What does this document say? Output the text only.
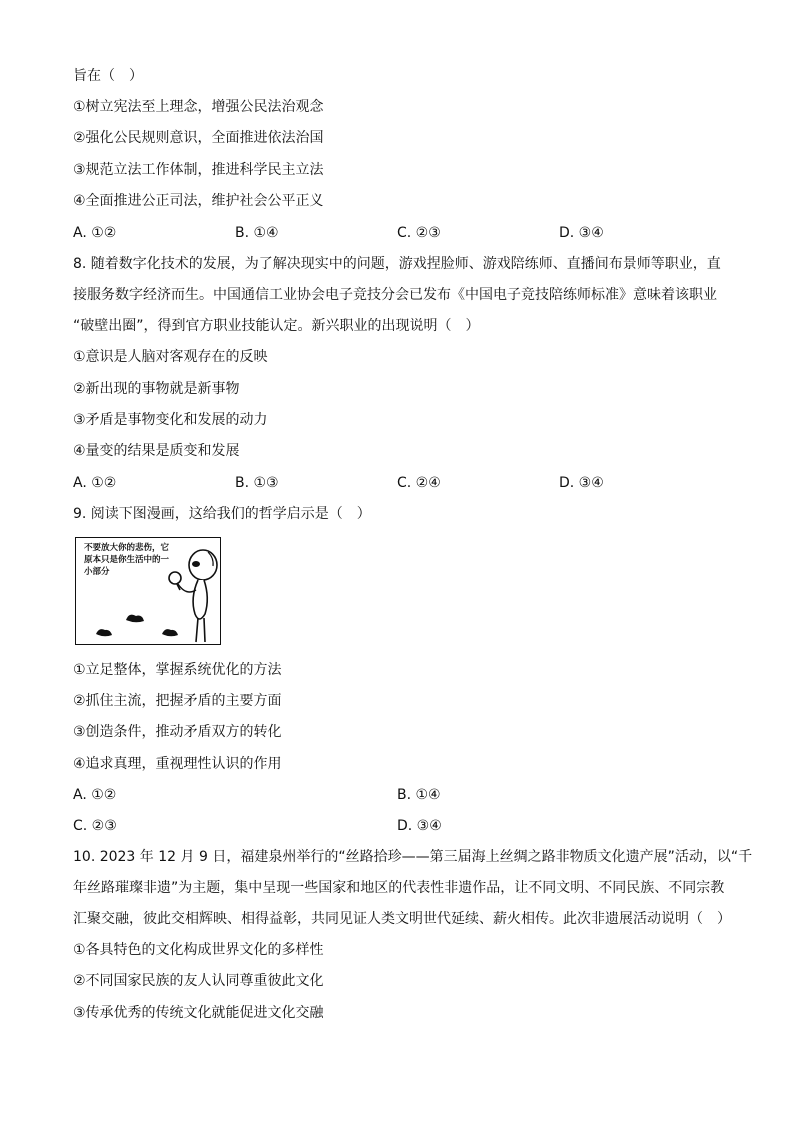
旨在（　）
①树立宪法至上理念，增强公民法治观念
②强化公民规则意识，全面推进依法治国
③规范立法工作体制，推进科学民主立法
④全面推进公正司法，维护社会公平正义
A. ①②	B. ①④	C. ②③	D. ③④
8. 随着数字化技术的发展，为了解决现实中的问题，游戏捏脸师、游戏陪练师、直播间布景师等职业，直
接服务数字经济而生。中国通信工业协会电子竞技分会已发布《中国电子竞技陪练师标准》意味着该职业
“破壁出圈”，得到官方职业技能认定。新兴职业的出现说明（　）
①意识是人脑对客观存在的反映
②新出现的事物就是新事物
③矛盾是事物变化和发展的动力
④量变的结果是质变和发展
A. ①②	B. ①③	C. ②④	D. ③④
9. 阅读下图漫画，这给我们的哲学启示是（　）
不要放大你的悲伤，它原本只是你生活中的一小部分
①立足整体，掌握系统优化的方法
②抓住主流，把握矛盾的主要方面
③创造条件，推动矛盾双方的转化
④追求真理，重视理性认识的作用
A. ①②	B. ①④
C. ②③	D. ③④
10. 2023 年 12 月 9 日，福建泉州举行的“丝路拾珍——第三届海上丝绸之路非物质文化遗产展”活动，以“千
年丝路璀璨非遗”为主题，集中呈现一些国家和地区的代表性非遗作品，让不同文明、不同民族、不同宗教
汇聚交融，彼此交相辉映、相得益彰，共同见证人类文明世代延续、薪火相传。此次非遗展活动说明（　）
①各具特色的文化构成世界文化的多样性
②不同国家民族的友人认同尊重彼此文化
③传承优秀的传统文化就能促进文化交融
